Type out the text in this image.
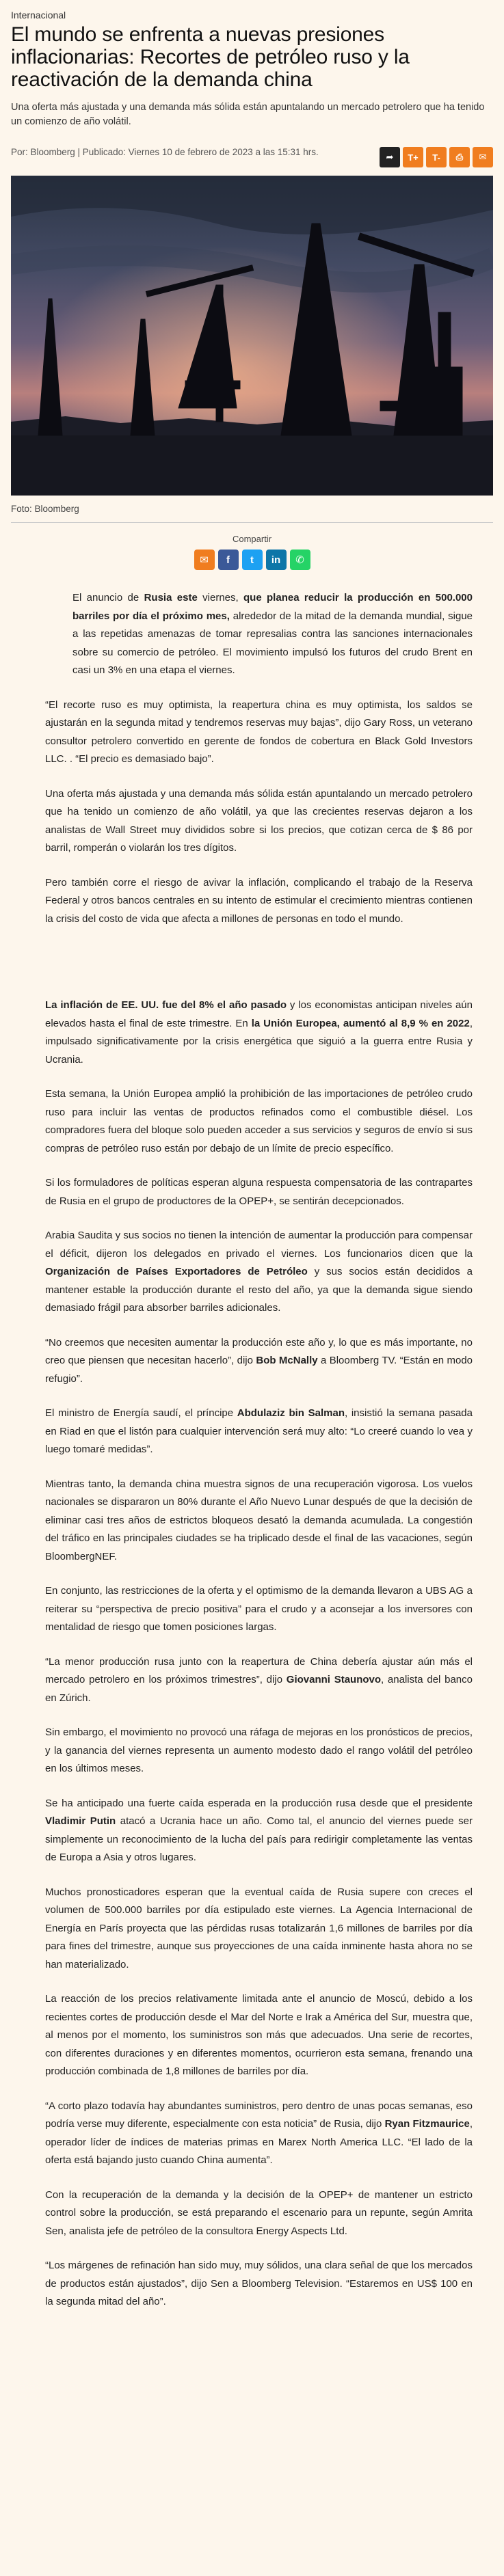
Internacional
El mundo se enfrenta a nuevas presiones inflacionarias: Recortes de petróleo ruso y la reactivación de la demanda china
Una oferta más ajustada y una demanda más sólida están apuntalando un mercado petrolero que ha tenido un comienzo de año volátil.
Por: Bloomberg | Publicado: Viernes 10 de febrero de 2023 a las 15:31 hrs.	➦	T+	T-	⎙	✉
Foto: Bloomberg
Compartir
✉	f	t	in	✆

El anuncio de Rusia este viernes, que planea reducir la producción en 500.000 barriles por día el próximo mes, alrededor de la mitad de la demanda mundial, sigue a las repetidas amenazas de tomar represalias contra las sanciones internacionales sobre su comercio de petróleo. El movimiento impulsó los futuros del crudo Brent en casi un 3% en una etapa el viernes.

“El recorte ruso es muy optimista, la reapertura china es muy optimista, los saldos se ajustarán en la segunda mitad y tendremos reservas muy bajas”, dijo Gary Ross, un veterano consultor petrolero convertido en gerente de fondos de cobertura en Black Gold Investors LLC. . “El precio es demasiado bajo”.

Una oferta más ajustada y una demanda más sólida están apuntalando un mercado petrolero que ha tenido un comienzo de año volátil, ya que las crecientes reservas dejaron a los analistas de Wall Street muy divididos sobre si los precios, que cotizan cerca de $ 86 por barril, romperán o violarán los tres dígitos.

Pero también corre el riesgo de avivar la inflación, complicando el trabajo de la Reserva Federal y otros bancos centrales en su intento de estimular el crecimiento mientras contienen la crisis del costo de vida que afecta a millones de personas en todo el mundo.

La inflación de EE. UU. fue del 8% el año pasado y los economistas anticipan niveles aún elevados hasta el final de este trimestre. En la Unión Europea, aumentó al 8,9 % en 2022, impulsado significativamente por la crisis energética que siguió a la guerra entre Rusia y Ucrania.

Esta semana, la Unión Europea amplió la prohibición de las importaciones de petróleo crudo ruso para incluir las ventas de productos refinados como el combustible diésel. Los compradores fuera del bloque solo pueden acceder a sus servicios y seguros de envío si sus compras de petróleo ruso están por debajo de un límite de precio específico.

Si los formuladores de políticas esperan alguna respuesta compensatoria de las contrapartes de Rusia en el grupo de productores de la OPEP+, se sentirán decepcionados.

Arabia Saudita y sus socios no tienen la intención de aumentar la producción para compensar el déficit, dijeron los delegados en privado el viernes. Los funcionarios dicen que la Organización de Países Exportadores de Petróleo y sus socios están decididos a mantener estable la producción durante el resto del año, ya que la demanda sigue siendo demasiado frágil para absorber barriles adicionales.

“No creemos que necesiten aumentar la producción este año y, lo que es más importante, no creo que piensen que necesitan hacerlo”, dijo Bob McNally a Bloomberg TV. “Están en modo refugio”.

El ministro de Energía saudí, el príncipe Abdulaziz bin Salman, insistió la semana pasada en Riad en que el listón para cualquier intervención será muy alto: “Lo creeré cuando lo vea y luego tomaré medidas”.

Mientras tanto, la demanda china muestra signos de una recuperación vigorosa. Los vuelos nacionales se dispararon un 80% durante el Año Nuevo Lunar después de que la decisión de eliminar casi tres años de estrictos bloqueos desató la demanda acumulada. La congestión del tráfico en las principales ciudades se ha triplicado desde el final de las vacaciones, según BloombergNEF.

En conjunto, las restricciones de la oferta y el optimismo de la demanda llevaron a UBS AG a reiterar su “perspectiva de precio positiva” para el crudo y a aconsejar a los inversores con mentalidad de riesgo que tomen posiciones largas.

“La menor producción rusa junto con la reapertura de China debería ajustar aún más el mercado petrolero en los próximos trimestres”, dijo Giovanni Staunovo, analista del banco en Zúrich.

Sin embargo, el movimiento no provocó una ráfaga de mejoras en los pronósticos de precios, y la ganancia del viernes representa un aumento modesto dado el rango volátil del petróleo en los últimos meses.

Se ha anticipado una fuerte caída esperada en la producción rusa desde que el presidente Vladimir Putin atacó a Ucrania hace un año. Como tal, el anuncio del viernes puede ser simplemente un reconocimiento de la lucha del país para redirigir completamente las ventas de Europa a Asia y otros lugares.

Muchos pronosticadores esperan que la eventual caída de Rusia supere con creces el volumen de 500.000 barriles por día estipulado este viernes. La Agencia Internacional de Energía en París proyecta que las pérdidas rusas totalizarán 1,6 millones de barriles por día para fines del trimestre, aunque sus proyecciones de una caída inminente hasta ahora no se han materializado.

La reacción de los precios relativamente limitada ante el anuncio de Moscú, debido a los recientes cortes de producción desde el Mar del Norte e Irak a América del Sur, muestra que, al menos por el momento, los suministros son más que adecuados. Una serie de recortes, con diferentes duraciones y en diferentes momentos, ocurrieron esta semana, frenando una producción combinada de 1,8 millones de barriles por día.

“A corto plazo todavía hay abundantes suministros, pero dentro de unas pocas semanas, eso podría verse muy diferente, especialmente con esta noticia” de Rusia, dijo Ryan Fitzmaurice, operador líder de índices de materias primas en Marex North America LLC. “El lado de la oferta está bajando justo cuando China aumenta”.

Con la recuperación de la demanda y la decisión de la OPEP+ de mantener un estricto control sobre la producción, se está preparando el escenario para un repunte, según Amrita Sen, analista jefe de petróleo de la consultora Energy Aspects Ltd.

“Los márgenes de refinación han sido muy, muy sólidos, una clara señal de que los mercados de productos están ajustados”, dijo Sen a Bloomberg Television. “Estaremos en US$ 100 en la segunda mitad del año”.
